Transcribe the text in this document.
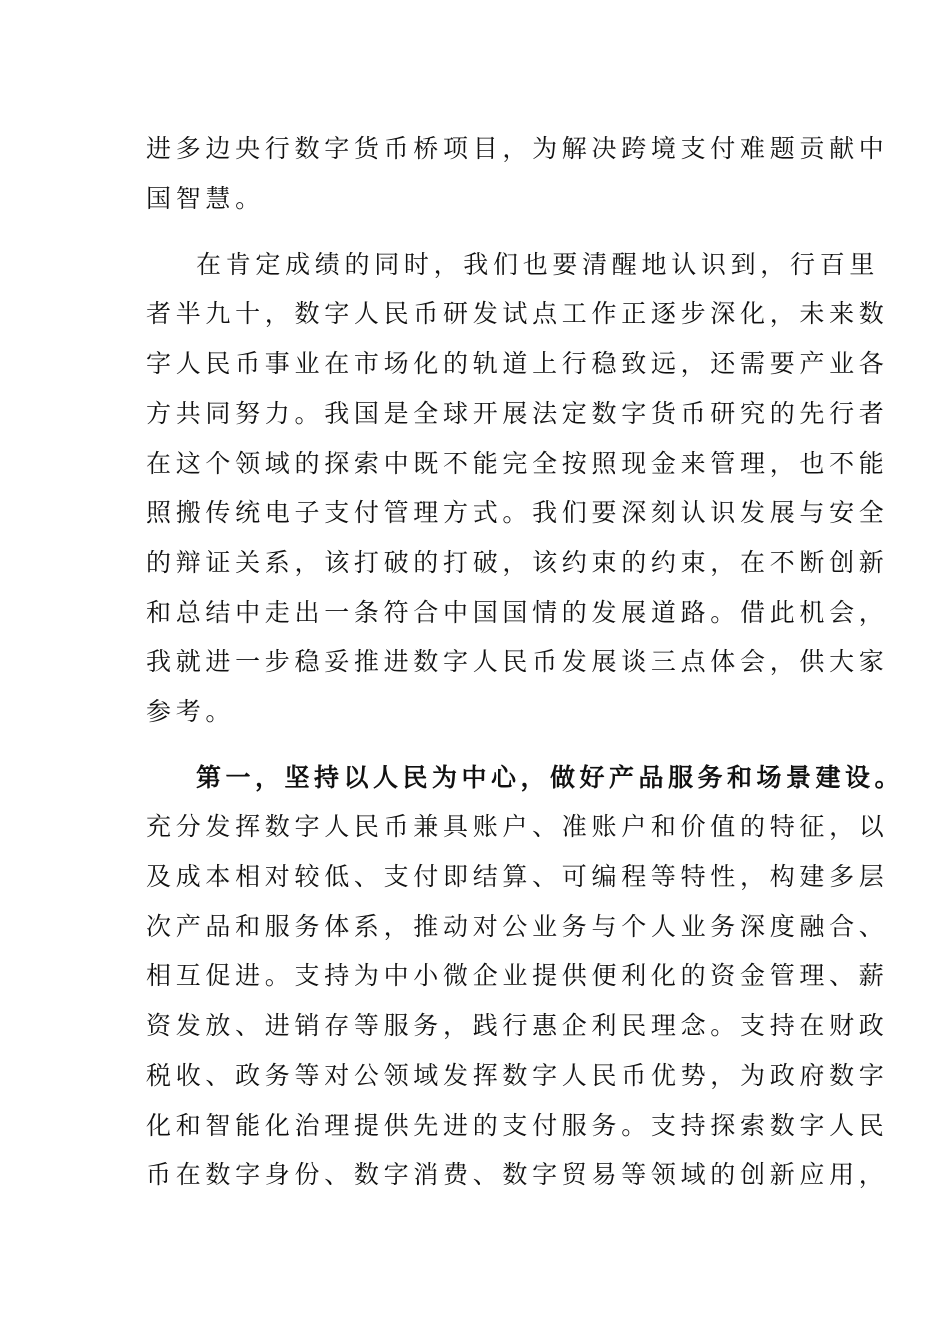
进多边央行数字货币桥项目，为解决跨境支付难题贡献中
国智慧。
在肯定成绩的同时，我们也要清醒地认识到，行百里
者半九十，数字人民币研发试点工作正逐步深化，未来数
字人民币事业在市场化的轨道上行稳致远，还需要产业各
方共同努力。我国是全球开展法定数字货币研究的先行者
在这个领域的探索中既不能完全按照现金来管理，也不能
照搬传统电子支付管理方式。我们要深刻认识发展与安全
的辩证关系，该打破的打破，该约束的约束，在不断创新
和总结中走出一条符合中国国情的发展道路。借此机会，
我就进一步稳妥推进数字人民币发展谈三点体会，供大家
参考。
第一，坚持以人民为中心，做好产品服务和场景建设。
充分发挥数字人民币兼具账户、准账户和价值的特征，以
及成本相对较低、支付即结算、可编程等特性，构建多层
次产品和服务体系，推动对公业务与个人业务深度融合、
相互促进。支持为中小微企业提供便利化的资金管理、薪
资发放、进销存等服务，践行惠企利民理念。支持在财政
税收、政务等对公领域发挥数字人民币优势，为政府数字
化和智能化治理提供先进的支付服务。支持探索数字人民
币在数字身份、数字消费、数字贸易等领域的创新应用，
